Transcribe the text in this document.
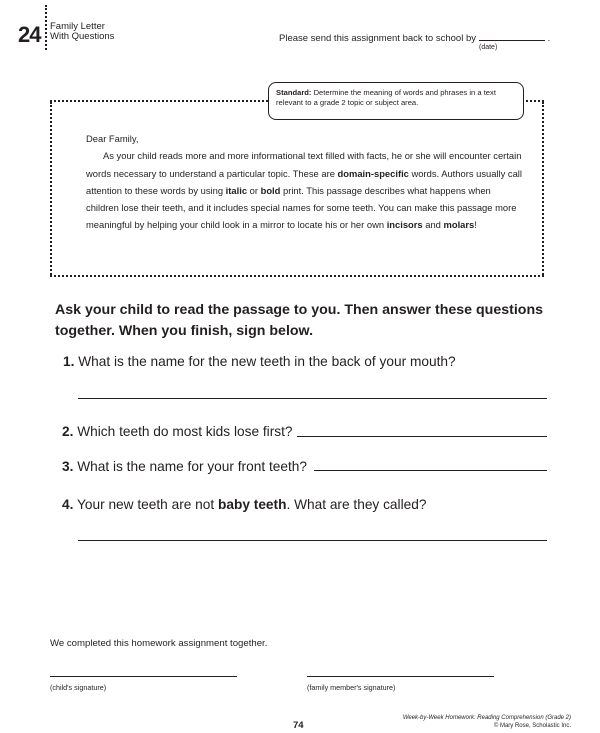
24 Family Letter
With Questions	Please send this assignment back to school by	.
(date)
Standard: Determine the meaning of words and phrases in a text relevant to a grade 2 topic or subject area.

Dear Family,

As your child reads more and more informational text filled with facts, he or she will encounter certain words necessary to understand a particular topic. These are domain-specific words. Authors usually call attention to these words by using italic or bold print. This passage describes what happens when children lose their teeth, and it includes special names for some teeth. You can make this passage more meaningful by helping your child look in a mirror to locate his or her own incisors and molars!

Ask your child to read the passage to you. Then answer these questions together. When you finish, sign below.
1. What is the name for the new teeth in the back of your mouth?
2. Which teeth do most kids lose first?
3. What is the name for your front teeth?
4. Your new teeth are not baby teeth. What are they called?
We completed this homework assignment together.
(child's signature)	(family member's signature)
74
Week-by-Week Homework: Reading Comprehension (Grade 2)
© Mary Rose, Scholastic Inc.
